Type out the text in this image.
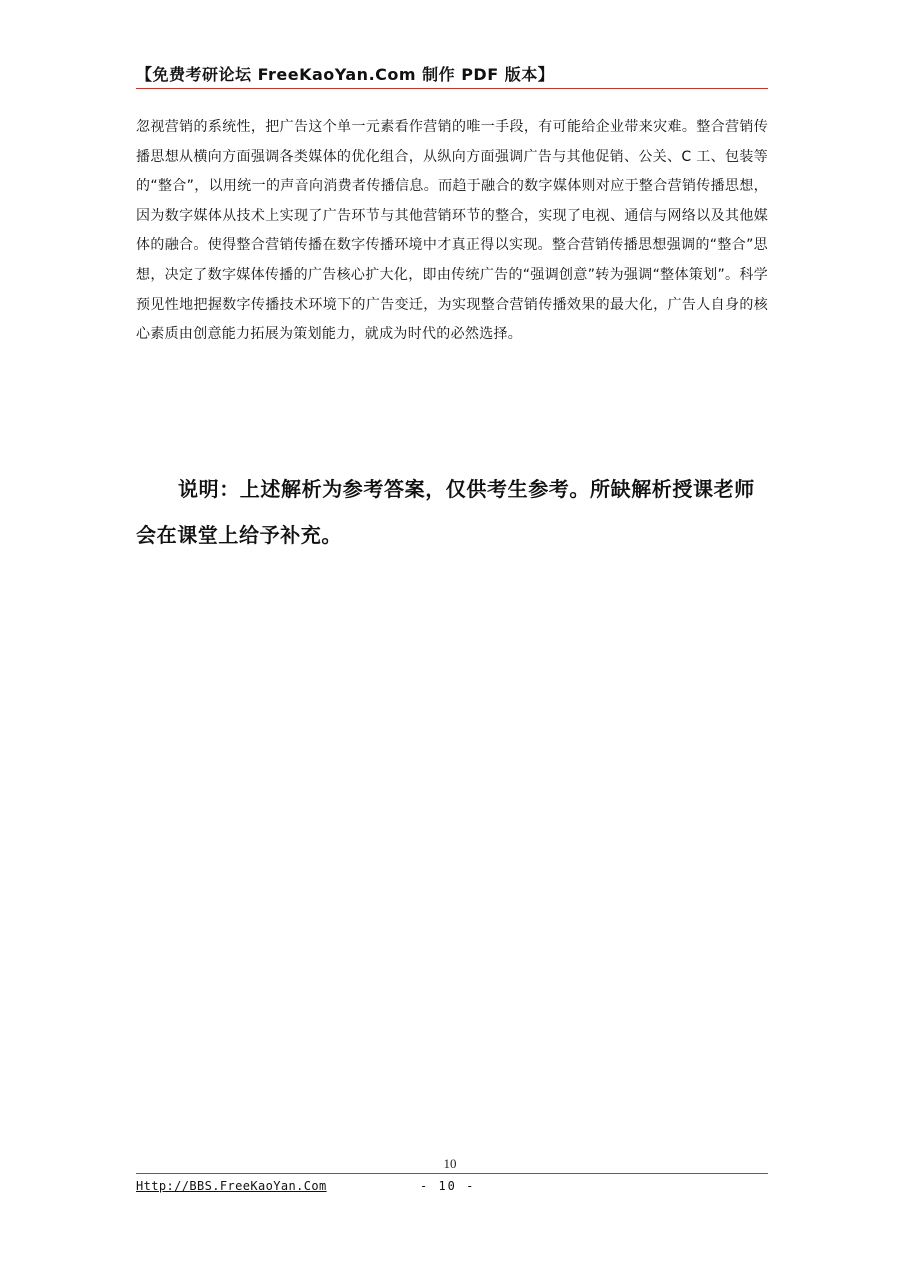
【免费考研论坛 FreeKaoYan.Com 制作 PDF 版本】

忽视营销的系统性，把广告这个单一元素看作营销的唯一手段，有可能给企业带来灾难。整合营销传播思想从横向方面强调各类媒体的优化组合，从纵向方面强调广告与其他促销、公关、C 工、包装等的“整合”，以用统一的声音向消费者传播信息。而趋于融合的数字媒体则对应于整合营销传播思想，因为数字媒体从技术上实现了广告环节与其他营销环节的整合，实现了电视、通信与网络以及其他媒体的融合。使得整合营销传播在数字传播环境中才真正得以实现。整合营销传播思想强调的“整合”思想，决定了数字媒体传播的广告核心扩大化，即由传统广告的“强调创意”转为强调“整体策划”。科学预见性地把握数字传播技术环境下的广告变迁，为实现整合营销传播效果的最大化，广告人自身的核心素质由创意能力拓展为策划能力，就成为时代的必然选择。

说明：上述解析为参考答案，仅供考生参考。所缺解析授课老师会在课堂上给予补充。

10
Http://BBS.FreeKaoYan.Com	- 10 -
